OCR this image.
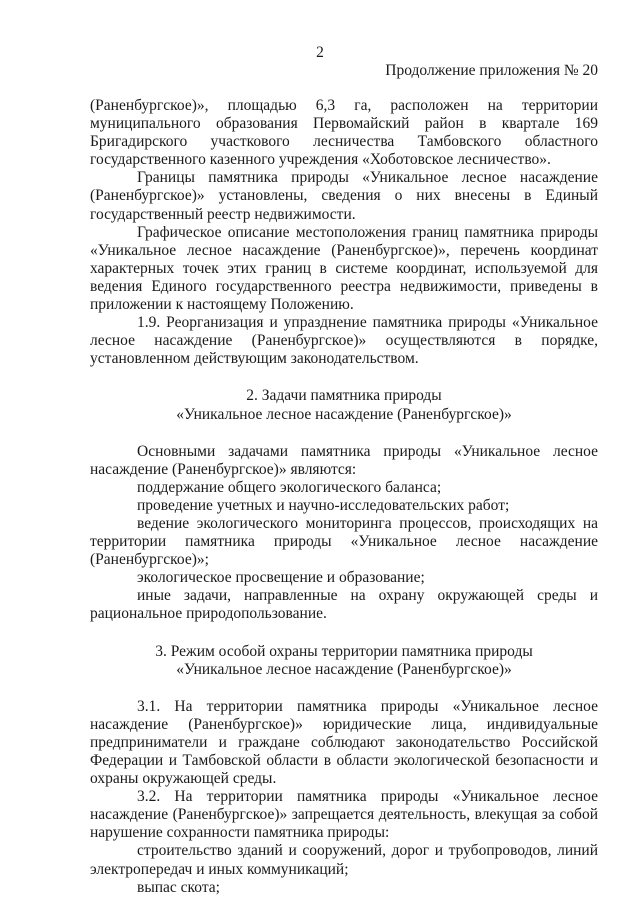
2
Продолжение приложения № 20

(Раненбургское)», площадью 6,3 га, расположен на территории муниципального образования Первомайский район в квартале 169 Бригадирского участкового лесничества Тамбовского областного государственного казенного учреждения «Хоботовское лесничество».

Границы памятника природы «Уникальное лесное насаждение (Раненбургское)» установлены, сведения о них внесены в Единый государственный реестр недвижимости.

Графическое описание местоположения границ памятника природы «Уникальное лесное насаждение (Раненбургское)», перечень координат характерных точек этих границ в системе координат, используемой для ведения Единого государственного реестра недвижимости, приведены в приложении к настоящему Положению.

1.9. Реорганизация и упразднение памятника природы «Уникальное лесное насаждение (Раненбургское)» осуществляются в порядке, установленном действующим законодательством.

2. Задачи памятника природы

«Уникальное лесное насаждение (Раненбургское)»

Основными задачами памятника природы «Уникальное лесное насаждение (Раненбургское)» являются:

поддержание общего экологического баланса;

проведение учетных и научно-исследовательских работ;

ведение экологического мониторинга процессов, происходящих на территории памятника природы «Уникальное лесное насаждение (Раненбургское)»;

экологическое просвещение и образование;

иные задачи, направленные на охрану окружающей среды и рациональное природопользование.

3. Режим особой охраны территории памятника природы

«Уникальное лесное насаждение (Раненбургское)»

3.1. На территории памятника природы «Уникальное лесное насаждение (Раненбургское)» юридические лица, индивидуальные предприниматели и граждане соблюдают законодательство Российской Федерации и Тамбовской области в области экологической безопасности и охраны окружающей среды.

3.2. На территории памятника природы «Уникальное лесное насаждение (Раненбургское)» запрещается деятельность, влекущая за собой нарушение сохранности памятника природы:

строительство зданий и сооружений, дорог и трубопроводов, линий электропередач и иных коммуникаций;

выпас скота;
